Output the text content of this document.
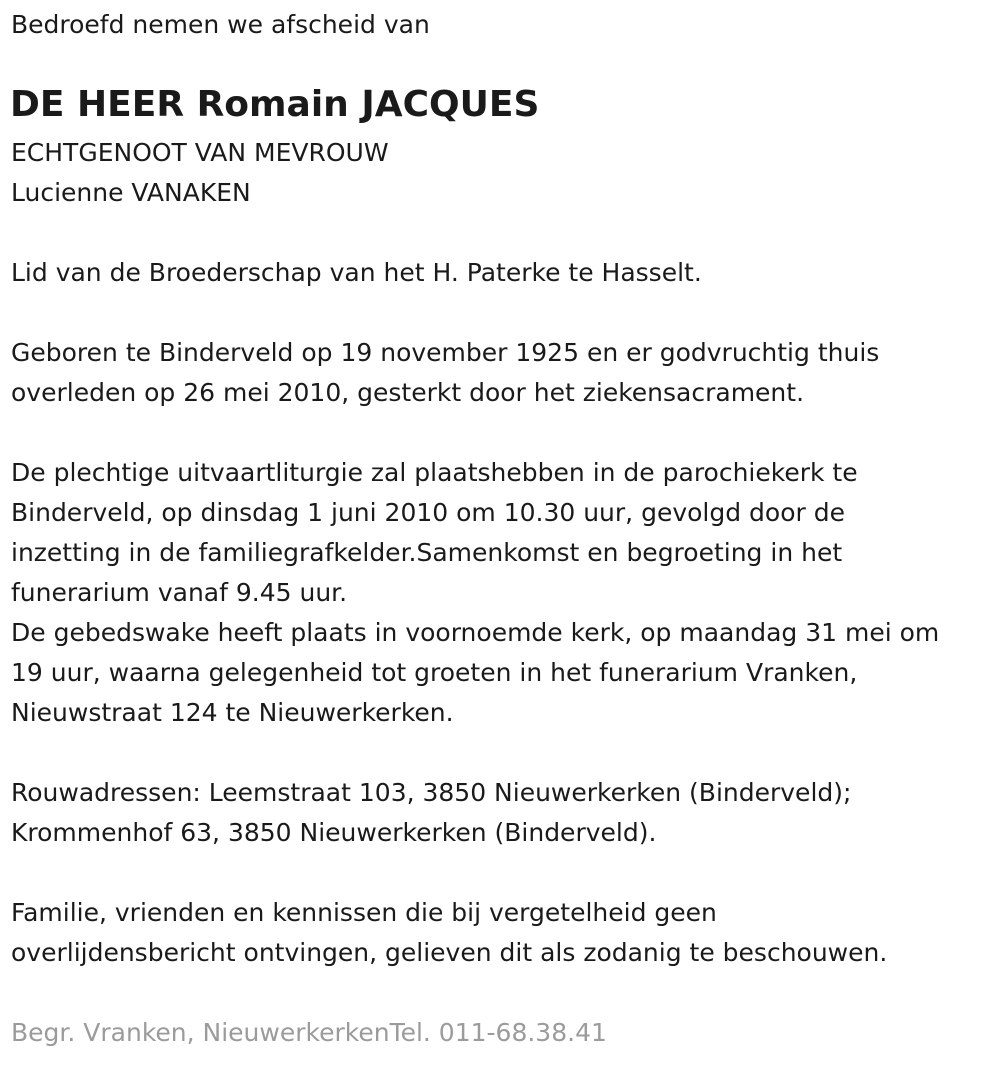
Bedroefd nemen we afscheid van
DE HEER Romain JACQUES
ECHTGENOOT VAN MEVROUW
Lucienne VANAKEN
Lid van de Broederschap van het H. Paterke te Hasselt.
Geboren te Binderveld op 19 november 1925 en er godvruchtig thuis
overleden op 26 mei 2010, gesterkt door het ziekensacrament.
De plechtige uitvaartliturgie zal plaatshebben in de parochiekerk te
Binderveld, op dinsdag 1 juni 2010 om 10.30 uur, gevolgd door de
inzetting in de familiegrafkelder.Samenkomst en begroeting in het
funerarium vanaf 9.45 uur.
De gebedswake heeft plaats in voornoemde kerk, op maandag 31 mei om
19 uur, waarna gelegenheid tot groeten in het funerarium Vranken,
Nieuwstraat 124 te Nieuwerkerken.
Rouwadressen: Leemstraat 103, 3850 Nieuwerkerken (Binderveld);
Krommenhof 63, 3850 Nieuwerkerken (Binderveld).
Familie, vrienden en kennissen die bij vergetelheid geen
overlijdensbericht ontvingen, gelieven dit als zodanig te beschouwen.
Begr. Vranken, NieuwerkerkenTel. 011-68.38.41
